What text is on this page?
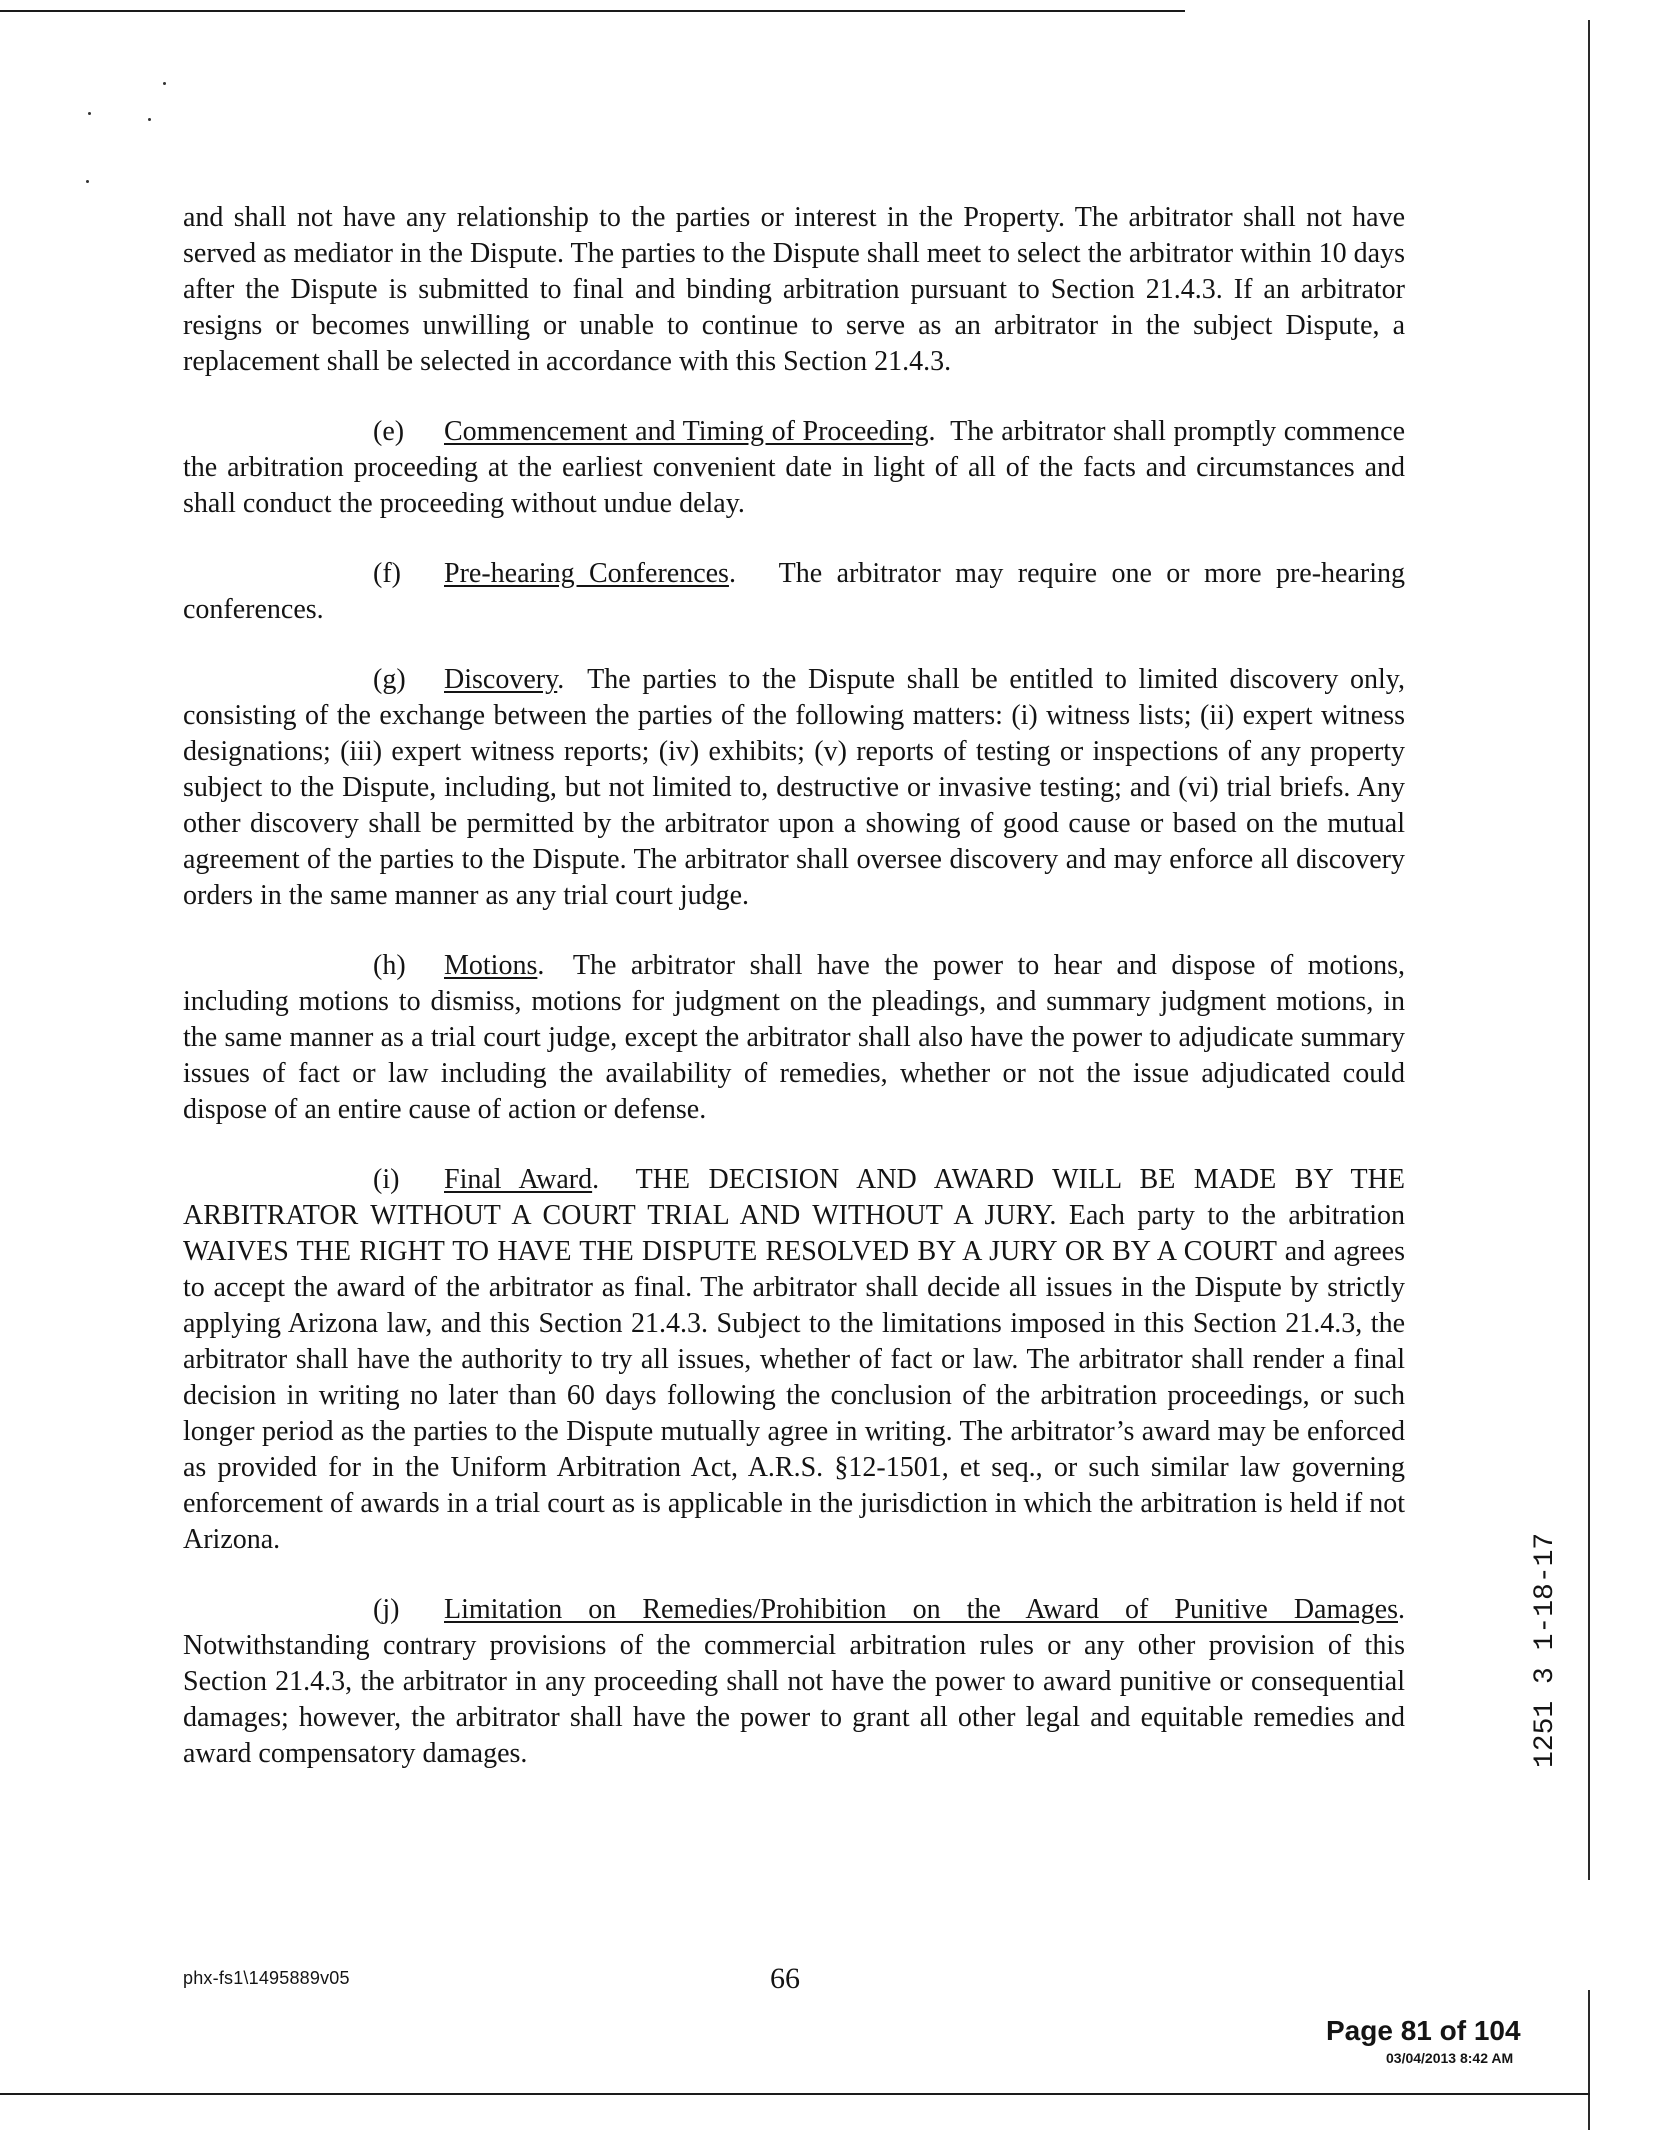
and shall not have any relationship to the parties or interest in the Property. The arbitrator shall not have served as mediator in the Dispute. The parties to the Dispute shall meet to select the arbitrator within 10 days after the Dispute is submitted to final and binding arbitration pursuant to Section 21.4.3. If an arbitrator resigns or becomes unwilling or unable to continue to serve as an arbitrator in the subject Dispute, a replacement shall be selected in accordance with this Section 21.4.3.

(e) Commencement and Timing of Proceeding.  The arbitrator shall promptly commence the arbitration proceeding at the earliest convenient date in light of all of the facts and circumstances and shall conduct the proceeding without undue delay.

(f) Pre-hearing Conferences.   The arbitrator may require one or more pre-hearing conferences.

(g) Discovery.  The parties to the Dispute shall be entitled to limited discovery only, consisting of the exchange between the parties of the following matters: (i) witness lists; (ii) expert witness designations; (iii) expert witness reports; (iv) exhibits; (v) reports of testing or inspections of any property subject to the Dispute, including, but not limited to, destructive or invasive testing; and (vi) trial briefs. Any other discovery shall be permitted by the arbitrator upon a showing of good cause or based on the mutual agreement of the parties to the Dispute. The arbitrator shall oversee discovery and may enforce all discovery orders in the same manner as any trial court judge.

(h) Motions.  The arbitrator shall have the power to hear and dispose of motions, including motions to dismiss, motions for judgment on the pleadings, and summary judgment motions, in the same manner as a trial court judge, except the arbitrator shall also have the power to adjudicate summary issues of fact or law including the availability of remedies, whether or not the issue adjudicated could dispose of an entire cause of action or defense.

(i) Final Award.  THE DECISION AND AWARD WILL BE MADE BY THE ARBITRATOR WITHOUT A COURT TRIAL AND WITHOUT A JURY. Each party to the arbitration WAIVES THE RIGHT TO HAVE THE DISPUTE RESOLVED BY A JURY OR BY A COURT and agrees to accept the award of the arbitrator as final. The arbitrator shall decide all issues in the Dispute by strictly applying Arizona law, and this Section 21.4.3. Subject to the limitations imposed in this Section 21.4.3, the arbitrator shall have the authority to try all issues, whether of fact or law. The arbitrator shall render a final decision in writing no later than 60 days following the conclusion of the arbitration proceedings, or such longer period as the parties to the Dispute mutually agree in writing. The arbitrator’s award may be enforced as provided for in the Uniform Arbitration Act, A.R.S. §12-1501, et seq., or such similar law governing enforcement of awards in a trial court as is applicable in the jurisdiction in which the arbitration is held if not Arizona.

(j) Limitation on Remedies/Prohibition on the Award of Punitive Damages. Notwithstanding contrary provisions of the commercial arbitration rules or any other provision of this Section 21.4.3, the arbitrator in any proceeding shall not have the power to award punitive or consequential damages; however, the arbitrator shall have the power to grant all other legal and equitable remedies and award compensatory damages.	1251 3 1-18-17
phx-fs1\1495889v05	66
Page 81 of 104
03/04/2013 8:42 AM
